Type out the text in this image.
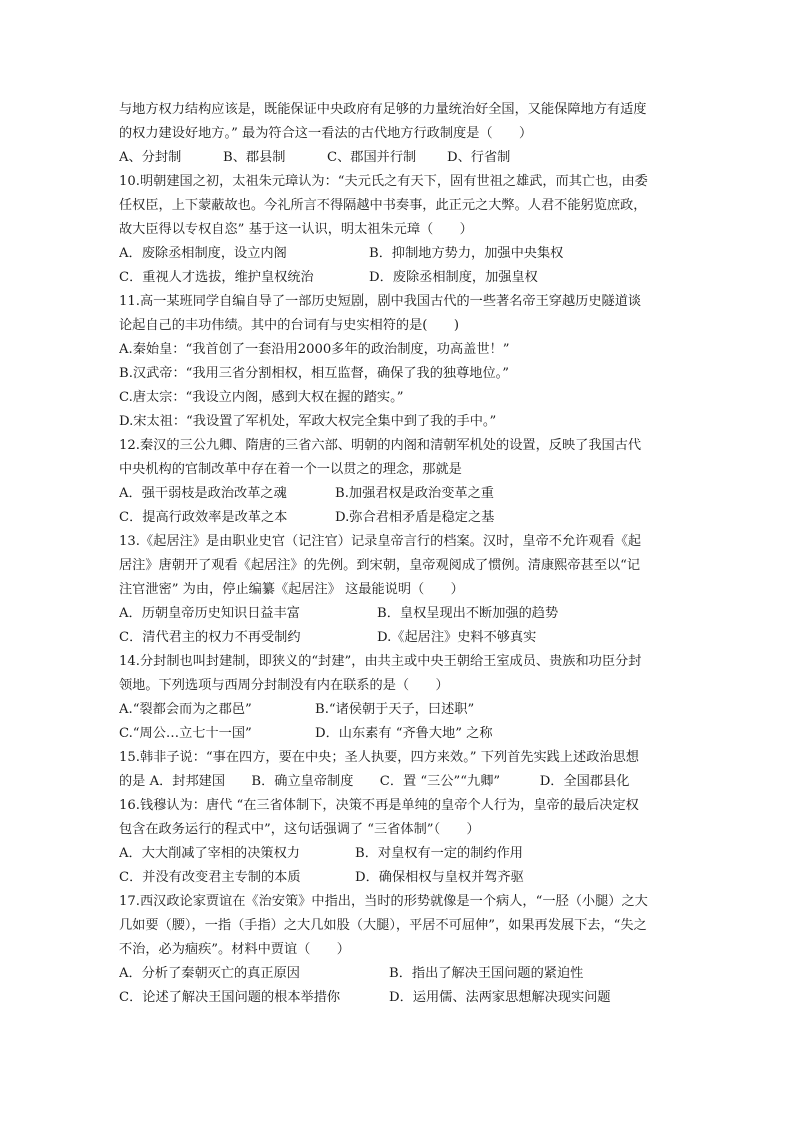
与地方权力结构应该是，既能保证中央政府有足够的力量统治好全国，又能保障地方有适度
的权力建设好地方。” 最为符合这一看法的古代地方行政制度是（　　）
A、分封制	B、郡县制	C、郡国并行制	D、行省制
10.明朝建国之初，太祖朱元璋认为：“夫元氏之有天下，固有世祖之雄武，而其亡也，由委
任权臣，上下蒙蔽故也。今礼所言不得隔越中书奏事，此正元之大弊。人君不能躬览庶政，
故大臣得以专权自恣” 基于这一认识，明太祖朱元璋（　　）
A．废除丞相制度，设立内阁	B．抑制地方势力，加强中央集权
C．重视人才选拔，维护皇权统治	D．废除丞相制度，加强皇权
11.高一某班同学自编自导了一部历史短剧，剧中我国古代的一些著名帝王穿越历史隧道谈
论起自己的丰功伟绩。其中的台词有与史实相符的是(　　)
A.秦始皇：“我首创了一套沿用2000多年的政治制度，功高盖世！”
B.汉武帝：“我用三省分割相权，相互监督，确保了我的独尊地位。”
C.唐太宗：“我设立内阁，感到大权在握的踏实。”
D.宋太祖：“我设置了军机处，军政大权完全集中到了我的手中。”
12.秦汉的三公九卿、隋唐的三省六部、明朝的内阁和清朝军机处的设置，反映了我国古代
中央机构的官制改革中存在着一个一以贯之的理念，那就是
A．强干弱枝是政治改革之魂	B.加强君权是政治变革之重
C．提高行政效率是改革之本	D.弥合君相矛盾是稳定之基
13.《起居注》是由职业史官（记注官）记录皇帝言行的档案。汉时，皇帝不允许观看《起
居注》唐朝开了观看《起居注》的先例。到宋朝，皇帝观阅成了惯例。清康熙帝甚至以“记
注官泄密” 为由，停止编纂《起居注》 这最能说明（　　）
A．历朝皇帝历史知识日益丰富	B．皇权呈现出不断加强的趋势
C．清代君主的权力不再受制约	D.《起居注》史料不够真实
14.分封制也叫封建制，即狭义的“封建”，由共主或中央王朝给王室成员、贵族和功臣分封
领地。下列选项与西周分封制没有内在联系的是（　　）
A.“裂都会而为之郡邑”	B.“诸侯朝于天子，曰述职”
C.“周公…立七十一国”	D．山东素有 “齐鲁大地” 之称
15.韩非子说：“事在四方，要在中央；圣人执要，四方来效。” 下列首先实践上述政治思想
的是 A．封邦建国　　B．确立皇帝制度　　C．置 “三公”“九卿”　　　D．全国郡县化
16.钱穆认为：唐代 “在三省体制下，决策不再是单纯的皇帝个人行为，皇帝的最后决定权
包含在政务运行的程式中”，这句话强调了 “三省体制”（　　）
A．大大削减了宰相的决策权力	B．对皇权有一定的制约作用
C．并没有改变君主专制的本质	D．确保相权与皇权并驾齐驱
17.西汉政论家贾谊在《治安策》中指出，当时的形势就像是一个病人，“一胫（小腿）之大
几如要（腰），一指（手指）之大几如股（大腿），平居不可屈伸”，如果再发展下去，“失之
不治，必为痼疾”。材料中贾谊（　　）
A．分析了秦朝灭亡的真正原因	B．指出了解决王国问题的紧迫性
C．论述了解决王国问题的根本举措你	D．运用儒、法两家思想解决现实问题
